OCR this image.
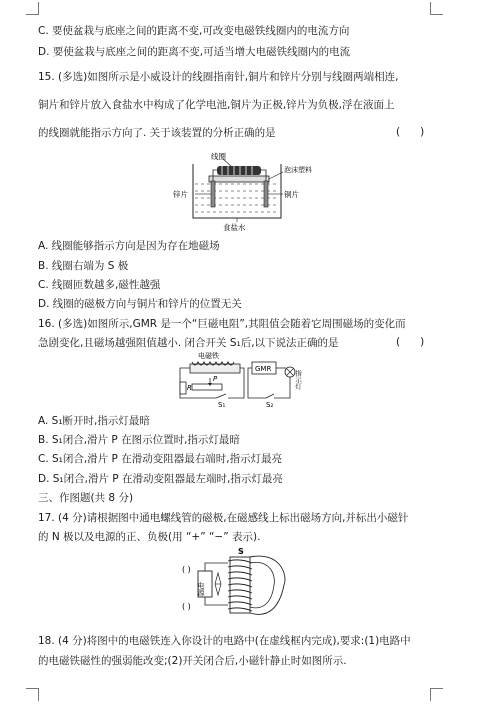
C. 要使盆栽与底座之间的距离不变,可改变电磁铁线圈内的电流方向
D. 要使盆栽与底座之间的距离不变,可适当增大电磁铁线圈内的电流
15. (多选)如图所示是小威设计的线圈指南针,铜片和锌片分别与线圈两端相连,
铜片和锌片放入食盐水中构成了化学电池,铜片为正极,锌片为负极,浮在液面上
的线圈就能指示方向了. 关于该装置的分析正确的是	(      )
线圈
泡沫塑料
锌片	铜片
食盐水
A. 线圈能够指示方向是因为存在地磁场
B. 线圈右端为 S 极
C. 线圈匝数越多,磁性越强
D. 线圈的磁极方向与铜片和锌片的位置无关
16. (多选)如图所示,GMR 是一个“巨磁电阻”,其阻值会随着它周围磁场的变化而
急剧变化,且磁场越强阻值越小. 闭合开关 S₁后,以下说法正确的是	(      )
电磁铁
R
P
S₁
GMR
S₂
指示灯
A. S₁断开时,指示灯最暗
B. S₁闭合,滑片 P 在图示位置时,指示灯最暗
C. S₁闭合,滑片 P 在滑动变阻器最右端时,指示灯最亮
D. S₁闭合,滑片 P 在滑动变阻器最左端时,指示灯最亮
三、作图题(共 8 分)
17. (4 分)请根据图中通电螺线管的磁极,在磁感线上标出磁场方向,并标出小磁针
的 N 极以及电源的正、负极(用 “+” “−” 表示).
S
电源
( )
( )
18. (4 分)将图中的电磁铁连入你设计的电路中(在虚线框内完成),要求:(1)电路中
的电磁铁磁性的强弱能改变;(2)开关闭合后,小磁针静止时如图所示.
